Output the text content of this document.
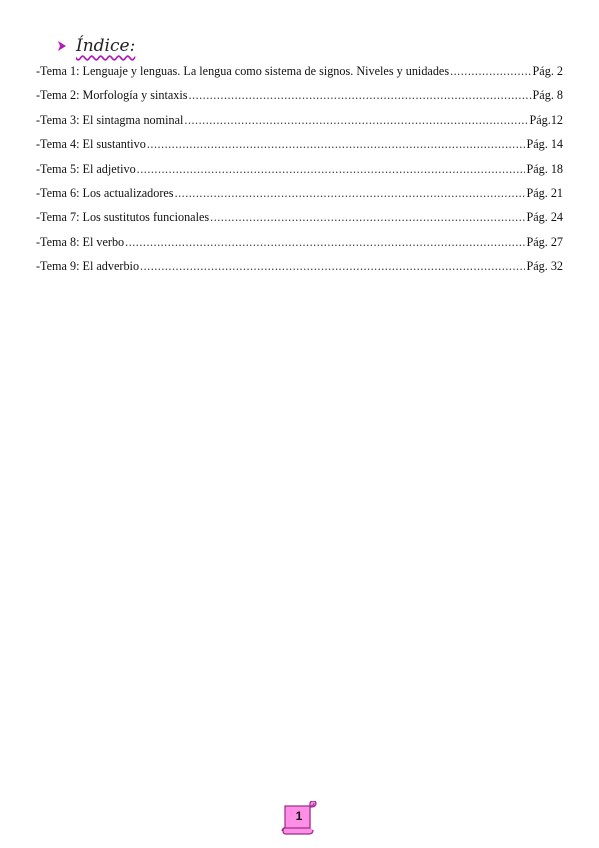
Índice:
-Tema 1: Lenguaje y lenguas. La lengua como sistema de signos. Niveles y unidades .....	Pág. 2
-Tema 2: Morfología y sintaxis .....	Pág. 8
-Tema 3: El sintagma nominal .....	Pág.12
-Tema 4: El sustantivo .....	Pág. 14
-Tema 5: El adjetivo .....	Pág. 18
-Tema 6: Los actualizadores .....	Pág. 21
-Tema 7: Los sustitutos funcionales .....	Pág. 24
-Tema 8: El verbo .....	Pág. 27
-Tema 9: El adverbio .....	Pág. 32
1
